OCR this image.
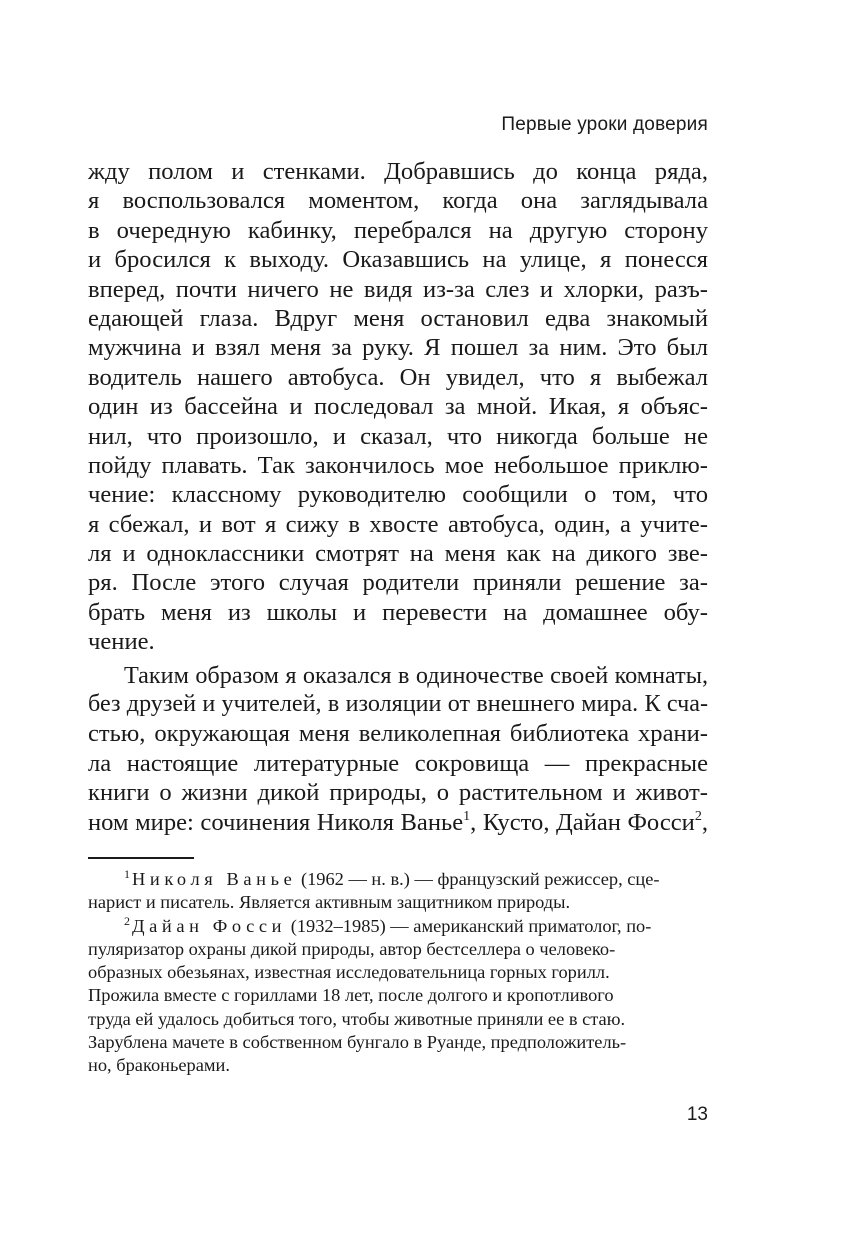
Первые уроки доверия
жду полом и стенками. Добравшись до конца ряда,
я воспользовался моментом, когда она заглядывала
в очередную кабинку, перебрался на другую сторону
и бросился к выходу. Оказавшись на улице, я понесся
вперед, почти ничего не видя из-за слез и хлорки, разъ-
едающей глаза. Вдруг меня остановил едва знакомый
мужчина и взял меня за руку. Я пошел за ним. Это был
водитель нашего автобуса. Он увидел, что я выбежал
один из бассейна и последовал за мной. Икая, я объяс-
нил, что произошло, и сказал, что никогда больше не
пойду плавать. Так закончилось мое небольшое приклю-
чение: классному руководителю сообщили о том, что
я сбежал, и вот я сижу в хвосте автобуса, один, а учите-
ля и одноклассники смотрят на меня как на дикого зве-
ря. После этого случая родители приняли решение за-
брать меня из школы и перевести на домашнее обу-
чение.
Таким образом я оказался в одиночестве своей комнаты,
без друзей и учителей, в изоляции от внешнего мира. К сча-
стью, окружающая меня великолепная библиотека храни-
ла настоящие литературные сокровища — прекрасные
книги о жизни дикой природы, о растительном и живот-
ном мире: сочинения Николя Ванье$^1$, Кусто, Дайан Фосси$^2$,
$^1$ Николя Ванье (1962 — н. в.) — французский режиссер, сце-
нарист и писатель. Является активным защитником природы.
$^2$ Дайан Фосси (1932–1985) — американский приматолог, по-
пуляризатор охраны дикой природы, автор бестселлера о человеко-
образных обезьянах, известная исследовательница горных горилл.
Прожила вместе с гориллами 18 лет, после долгого и кропотливого
труда ей удалось добиться того, чтобы животные приняли ее в стаю.
Зарублена мачете в собственном бунгало в Руанде, предположитель-
но, браконьерами.
13
